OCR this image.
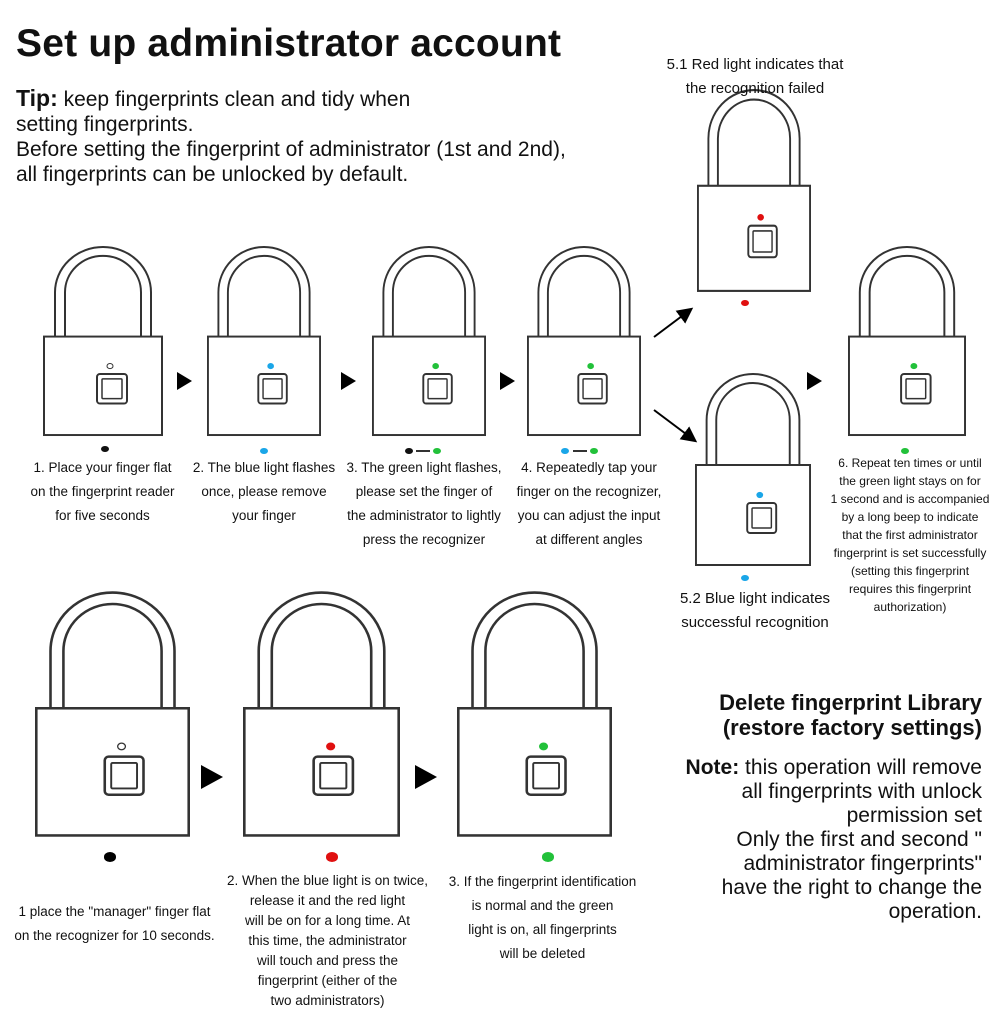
Set up administrator account
Tip: keep fingerprints clean and tidy when
setting fingerprints.
Before setting the fingerprint of administrator (1st and 2nd),
all fingerprints can be unlocked by default.
1. Place your finger flat
on the fingerprint reader
for five seconds
2. The blue light flashes
once, please remove
your finger
3. The green light flashes,
please set the finger of
the administrator to lightly
press the recognizer
4. Repeatedly tap your
finger on the recognizer,
you can adjust the input
at different angles
5.1 Red light indicates that
the recognition failed
5.2 Blue light indicates
successful recognition
6. Repeat ten times or until
the green light stays on for
1 second and is accompanied
by a long beep to indicate
that the first administrator
fingerprint is set successfully
(setting this fingerprint
requires this fingerprint
authorization)
1 place the "manager" finger flat
on the recognizer for 10 seconds.
2. When the blue light is on twice,
release it and the red light
will be on for a long time. At
this time, the administrator
will touch and press the
fingerprint (either of the
two administrators)
3. If the fingerprint identification
is normal and the green
light is on, all fingerprints
will be deleted
Delete fingerprint Library
(restore factory settings)
Note: this operation will remove
all fingerprints with unlock
permission set
Only the first and second "
administrator fingerprints"
have the right to change the
operation.
